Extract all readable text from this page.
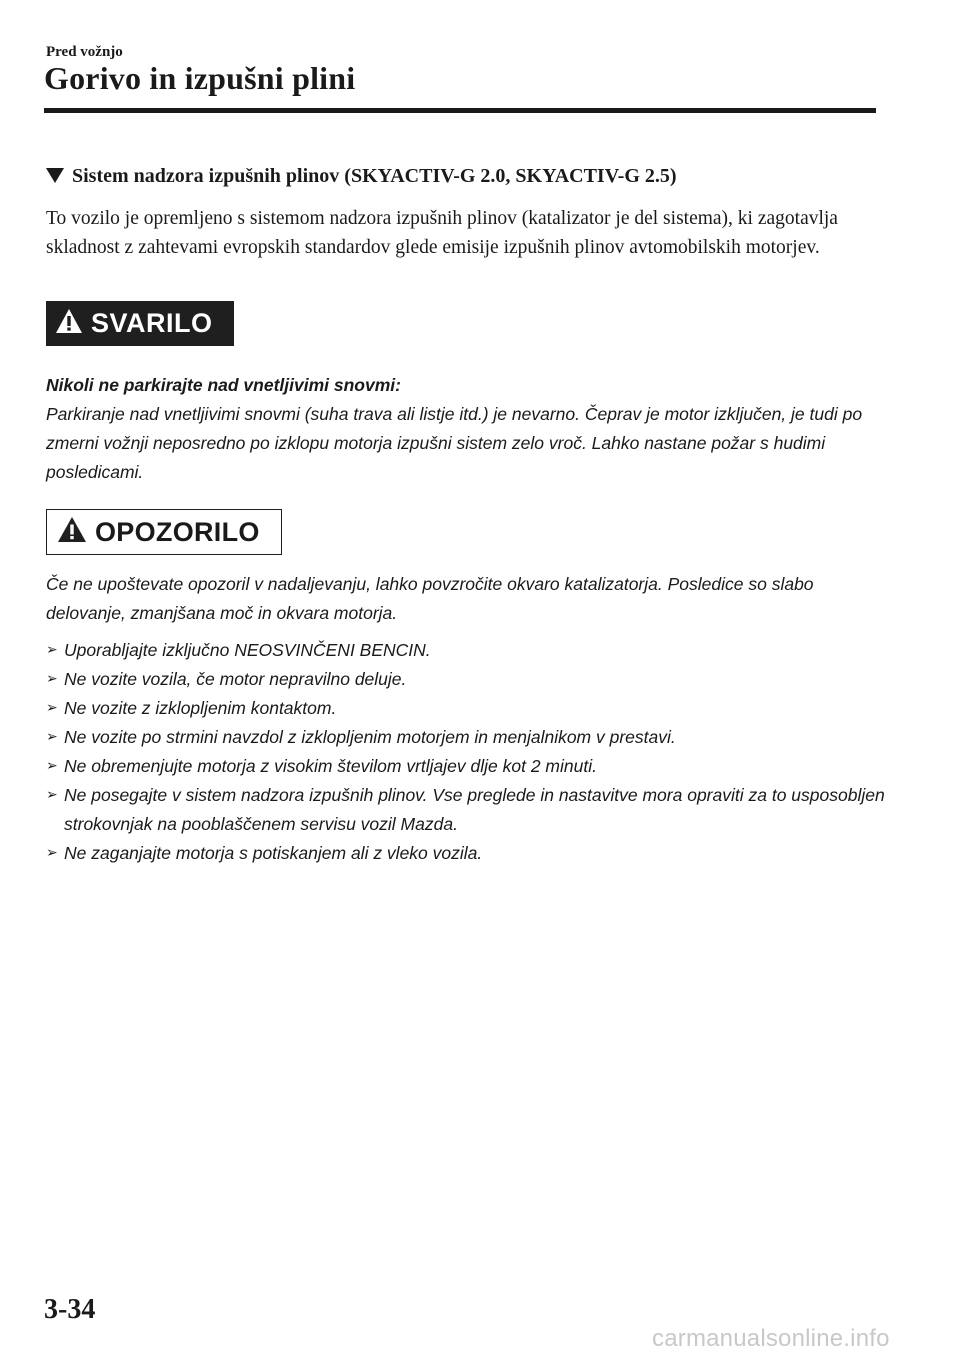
Pred vožnjo
Gorivo in izpušni plini
Sistem nadzora izpušnih plinov (SKYACTIV-G 2.0, SKYACTIV-G 2.5)
To vozilo je opremljeno s sistemom nadzora izpušnih plinov (katalizator je del sistema), ki zagotavlja skladnost z zahtevami evropskih standardov glede emisije izpušnih plinov avtomobilskih motorjev.
SVARILO
Nikoli ne parkirajte nad vnetljivimi snovmi:
Parkiranje nad vnetljivimi snovmi (suha trava ali listje itd.) je nevarno. Čeprav je motor izključen, je tudi po zmerni vožnji neposredno po izklopu motorja izpušni sistem zelo vroč. Lahko nastane požar s hudimi posledicami.
OPOZORILO
Če ne upoštevate opozoril v nadaljevanju, lahko povzročite okvaro katalizatorja. Posledice so slabo delovanje, zmanjšana moč in okvara motorja.
➢ Uporabljajte izključno NEOSVINČENI BENCIN.
➢ Ne vozite vozila, če motor nepravilno deluje.
➢ Ne vozite z izklopljenim kontaktom.
➢ Ne vozite po strmini navzdol z izklopljenim motorjem in menjalnikom v prestavi.
➢ Ne obremenjujte motorja z visokim številom vrtljajev dlje kot 2 minuti.
➢ Ne posegajte v sistem nadzora izpušnih plinov. Vse preglede in nastavitve mora opraviti za to usposobljen strokovnjak na pooblaščenem servisu vozil Mazda.
➢ Ne zaganjajte motorja s potiskanjem ali z vleko vozila.
3-34
carmanualsonline.info
